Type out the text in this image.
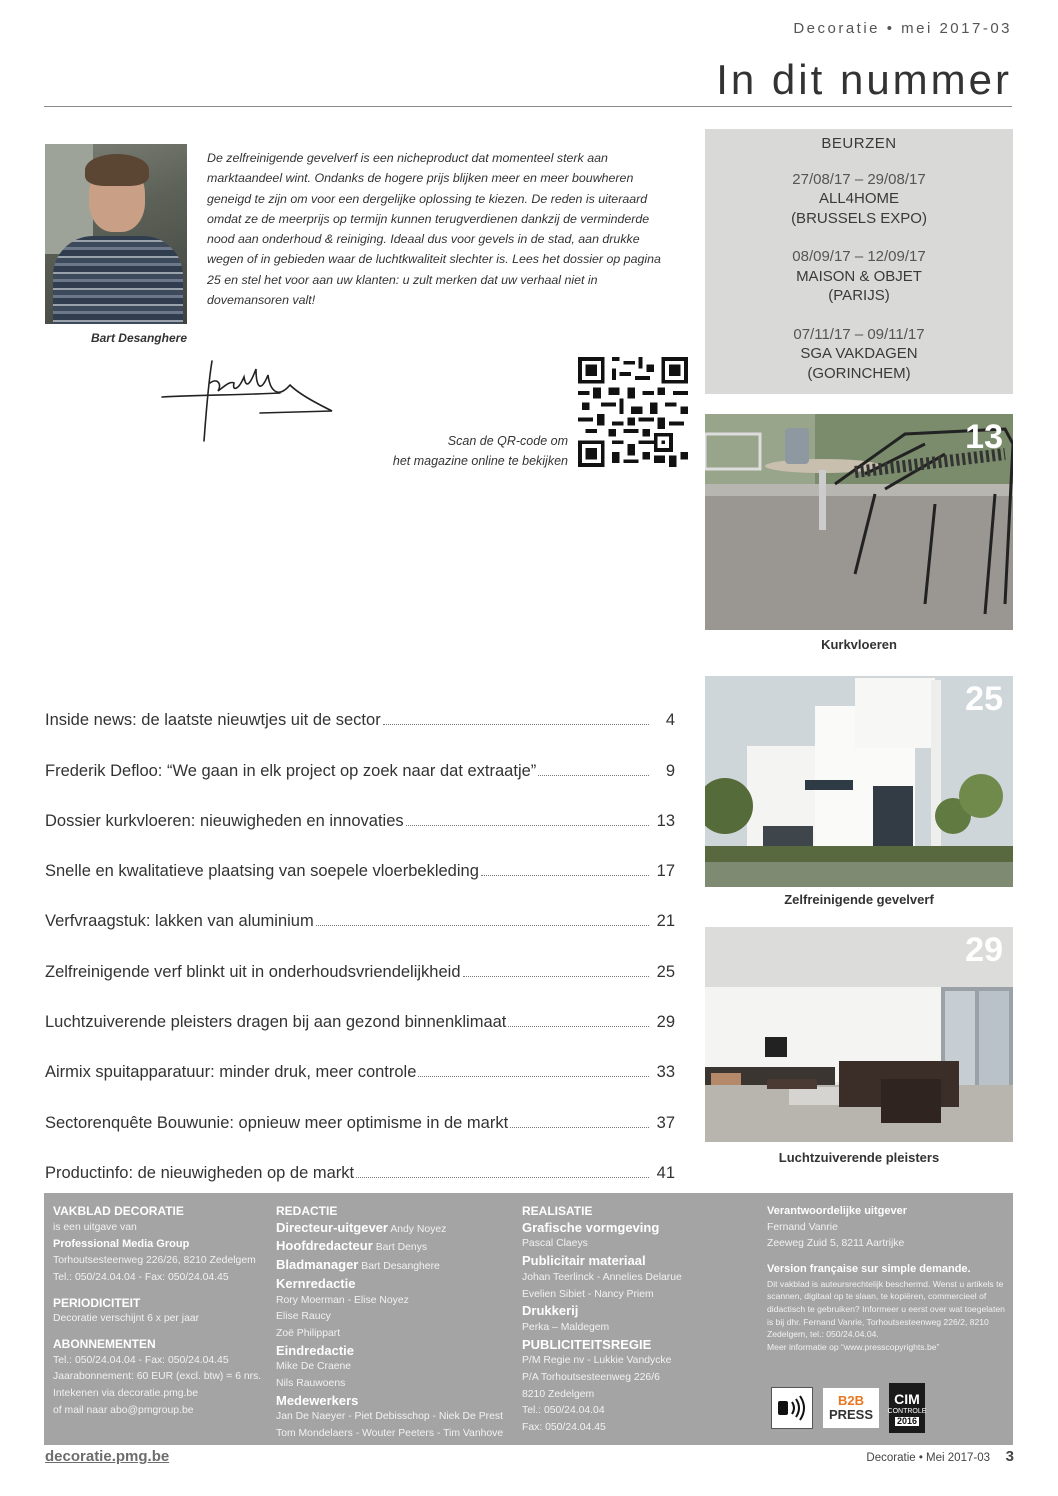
Decoratie • mei 2017-03
In dit nummer
Bart Desanghere

De zelfreinigende gevelverf is een nicheproduct dat momenteel sterk aan marktaandeel wint. Ondanks de hogere prijs blijken meer en meer bouwheren geneigd te zijn om voor een dergelijke oplossing te kiezen. De reden is uiteraard omdat ze de meerprijs op termijn kunnen terugverdienen dankzij de verminderde nood aan onderhoud & reiniging. Ideaal dus voor gevels in de stad, aan drukke wegen of in gebieden waar de luchtkwaliteit slechter is. Lees het dossier op pagina 25 en stel het voor aan uw klanten: u zult merken dat uw verhaal niet in dovemansoren valt!

Scan de QR-code om
het magazine online te bekijken
BEURZEN
27/08/17 – 29/08/17
ALL4HOME
(BRUSSELS EXPO)
08/09/17 – 12/09/17
MAISON & OBJET
(PARIJS)
07/11/17 – 09/11/17
SGA VAKDAGEN
(GORINCHEM)
13
Kurkvloeren
25
Zelfreinigende gevelverf
29
Luchtzuiverende pleisters
Inside news: de laatste nieuwtjes uit de sector	4
Frederik Defloo: “We gaan in elk project op zoek naar dat extraatje”	9
Dossier kurkvloeren: nieuwigheden en innovaties	13
Snelle en kwalitatieve plaatsing van soepele vloerbekleding	17
Verfvraagstuk: lakken van aluminium	21
Zelfreinigende verf blinkt uit in onderhoudsvriendelijkheid	25
Luchtzuiverende pleisters dragen bij aan gezond binnenklimaat	29
Airmix spuitapparatuur: minder druk, meer controle	33
Sectorenquête Bouwunie: opnieuw meer optimisme in de markt	37
Productinfo: de nieuwigheden op de markt	41
VAKBLAD DECORATIE
is een uitgave van
Professional Media Group
Torhoutsesteenweg 226/26, 8210 Zedelgem
Tel.: 050/24.04.04 - Fax: 050/24.04.45
PERIODICITEIT
Decoratie verschijnt 6 x per jaar
ABONNEMENTEN
Tel.: 050/24.04.04 - Fax: 050/24.04.45
Jaarabonnement: 60 EUR (excl. btw) = 6 nrs.
Intekenen via decoratie.pmg.be
of mail naar abo@pmgroup.be
REDACTIE
Directeur-uitgever Andy Noyez
Hoofdredacteur Bart Denys
Bladmanager Bart Desanghere
Kernredactie
Rory Moerman - Elise Noyez
Elise Raucy
Zoë Philippart
Eindredactie
Mike De Craene
Nils Rauwoens
Medewerkers
Jan De Naeyer - Piet Debisschop - Niek De Prest
Tom Mondelaers - Wouter Peeters - Tim Vanhove
REALISATIE
Grafische vormgeving
Pascal Claeys
Publicitair materiaal
Johan Teerlinck - Annelies Delarue
Evelien Sibiet - Nancy Priem
Drukkerij
Perka – Maldegem
PUBLICITEITSREGIE
P/M Regie nv - Lukkie Vandycke
P/A Torhoutsesteenweg 226/6
8210 Zedelgem
Tel.: 050/24.04.04
Fax: 050/24.04.45
Verantwoordelijke uitgever
Fernand Vanrie
Zeeweg Zuid 5, 8211 Aartrijke
Version française sur simple demande.
Dit vakblad is auteursrechtelijk beschermd. Wenst u artikels te scannen, digitaal op te slaan, te kopiëren, commercieel of didactisch te gebruiken? Informeer u eerst over wat toegelaten is bij dhr. Fernand Vanrie, Torhoutsesteenweg 226/2, 8210 Zedelgem, tel.: 050/24.04.04.
Meer informatie op “www.presscopyrights.be”
B2B
PRESS
CIM
CONTROLE
2016
decoratie.pmg.be	Decoratie • Mei 2017-03 3
